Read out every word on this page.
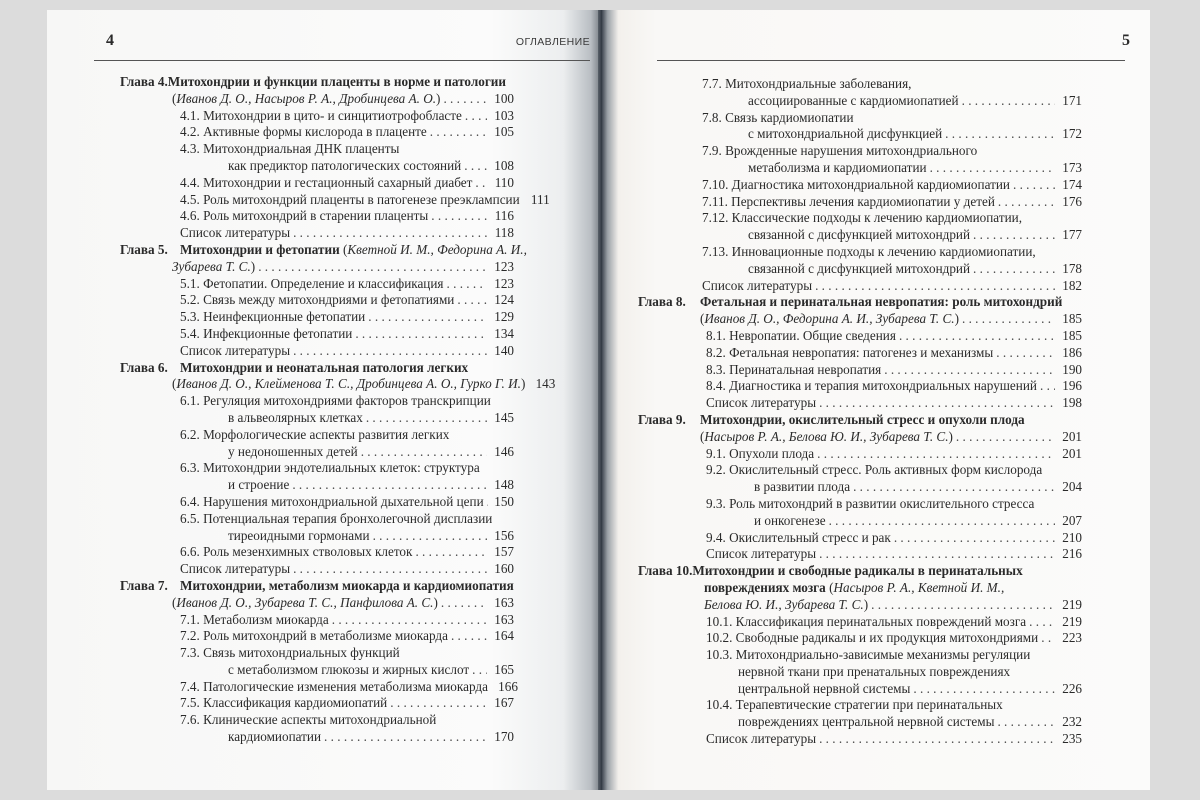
4	ОГЛАВЛЕНИЕ
Глава 4.Митохондрии и функции плаценты в норме и патологии
(Иванов Д. О., Насыров Р. А., Дробинцева А. О.) . . .	100
4.1. Митохондрии в цито- и синцитиотрофобласте . . .	103
4.2. Активные формы кислорода в плаценте . . .	105
4.3. Митохондриальная ДНК плаценты
как предиктор патологических состояний . . .	108
4.4. Митохондрии и гестационный сахарный диабет . . .	110
4.5. Роль митохондрий плаценты в патогенезе преэклампсии 111
4.6. Роль митохондрий в старении плаценты . . .	116
Список литературы . . .	118
Глава 5. Митохондрии и фетопатии (Кветной И. М., Федорина А. И.,
Зубарева Т. С.) . . .	123
5.1. Фетопатии. Определение и классификация . . .	123
5.2. Связь между митохондриями и фетопатиями . . .	124
5.3. Неинфекционные фетопатии . . .	129
5.4. Инфекционные фетопатии . . .	134
Список литературы . . .	140
Глава 6. Митохондрии и неонатальная патология легких
(Иванов Д. О., Клейменова Т. С., Дробинцева А. О., Гурко Г. И.) 143
6.1. Регуляция митохондриями факторов транскрипции
в альвеолярных клетках . . .	145
6.2. Морфологические аспекты развития легких
у недоношенных детей . . .	146
6.3. Митохондрии эндотелиальных клеток: структура
и строение . . .	148
6.4. Нарушения митохондриальной дыхательной цепи . . . 150
6.5. Потенциальная терапия бронхолегочной дисплазии
тиреоидными гормонами . . .	156
6.6. Роль мезенхимных стволовых клеток . . .	157
Список литературы . . .	160
Глава 7. Митохондрии, метаболизм миокарда и кардиомиопатия
(Иванов Д. О., Зубарева Т. С., Панфилова А. С.) . . .	163
7.1. Метаболизм миокарда . . .	163
7.2. Роль митохондрий в метаболизме миокарда . . .	164
7.3. Связь митохондриальных функций
с метаболизмом глюкозы и жирных кислот . . .	165
7.4. Патологические изменения метаболизма миокарда 166
7.5. Классификация кардиомиопатий . . .	167
7.6. Клинические аспекты митохондриальной
кардиомиопатии . . .	170
5
7.7. Митохондриальные заболевания,
ассоциированные с кардиомиопатией . . .	171
7.8. Связь кардиомиопатии
с митохондриальной дисфункцией . . .	172
7.9. Врожденные нарушения митохондриального
метаболизма и кардиомиопатии . . .	173
7.10. Диагностика митохондриальной кардиомиопатии . . .	174
7.11. Перспективы лечения кардиомиопатии у детей . . .	176
7.12. Классические подходы к лечению кардиомиопатии,
связанной с дисфункцией митохондрий . . .	177
7.13. Инновационные подходы к лечению кардиомиопатии,
связанной с дисфункцией митохондрий . . .	178
Список литературы . . .	182
Глава 8. Фетальная и перинатальная невропатия: роль митохондрий
(Иванов Д. О., Федорина А. И., Зубарева Т. С.) . . .	185
8.1. Невропатии. Общие сведения . . .	185
8.2. Фетальная невропатия: патогенез и механизмы . . .	186
8.3. Перинатальная невропатия . . .	190
8.4. Диагностика и терапия митохондриальных нарушений . . .	196
Список литературы . . .	198
Глава 9. Митохондрии, окислительный стресс и опухоли плода
(Насыров Р. А., Белова Ю. И., Зубарева Т. С.) . . .	201
9.1. Опухоли плода . . .	201
9.2. Окислительный стресс. Роль активных форм кислорода
в развитии плода . . .	204
9.3. Роль митохондрий в развитии окислительного стресса
и онкогенезе . . .	207
9.4. Окислительный стресс и рак . . .	210
Список литературы . . .	216
Глава 10.Митохондрии и свободные радикалы в перинатальных
повреждениях мозга (Насыров Р. А., Кветной И. М.,
Белова Ю. И., Зубарева Т. С.) . . .	219
10.1. Классификация перинатальных повреждений мозга . . .	219
10.2. Свободные радикалы и их продукция митохондриями . . .	223
10.3. Митохондриально-зависимые механизмы регуляции
нервной ткани при пренатальных повреждениях
центральной нервной системы . . .	226
10.4. Терапевтические стратегии при перинатальных
повреждениях центральной нервной системы . . .	232
Список литературы . . .	235
